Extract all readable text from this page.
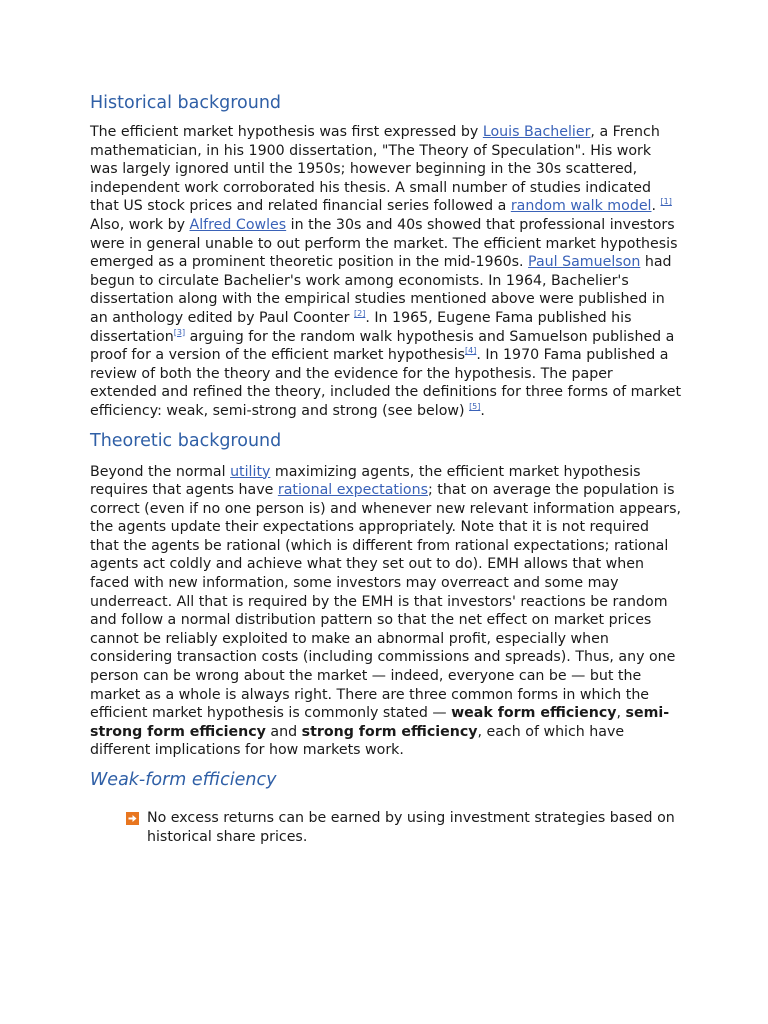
Historical background

The efficient market hypothesis was first expressed by Louis Bachelier, a French mathematician, in his 1900 dissertation, "The Theory of Speculation". His work was largely ignored until the 1950s; however beginning in the 30s scattered, independent work corroborated his thesis. A small number of studies indicated that US stock prices and related financial series followed a random walk model. [1] Also, work by Alfred Cowles in the 30s and 40s showed that professional investors were in general unable to out perform the market. The efficient market hypothesis emerged as a prominent theoretic position in the mid-1960s. Paul Samuelson had begun to circulate Bachelier's work among economists. In 1964, Bachelier's dissertation along with the empirical studies mentioned above were published in an anthology edited by Paul Coonter [2]. In 1965, Eugene Fama published his dissertation[3] arguing for the random walk hypothesis and Samuelson published a proof for a version of the efficient market hypothesis[4]. In 1970 Fama published a review of both the theory and the evidence for the hypothesis. The paper extended and refined the theory, included the definitions for three forms of market efficiency: weak, semi-strong and strong (see below) [5].

Theoretic background

Beyond the normal utility maximizing agents, the efficient market hypothesis requires that agents have rational expectations; that on average the population is correct (even if no one person is) and whenever new relevant information appears, the agents update their expectations appropriately. Note that it is not required that the agents be rational (which is different from rational expectations; rational agents act coldly and achieve what they set out to do). EMH allows that when faced with new information, some investors may overreact and some may underreact. All that is required by the EMH is that investors' reactions be random and follow a normal distribution pattern so that the net effect on market prices cannot be reliably exploited to make an abnormal profit, especially when considering transaction costs (including commissions and spreads). Thus, any one person can be wrong about the market — indeed, everyone can be — but the market as a whole is always right. There are three common forms in which the efficient market hypothesis is commonly stated — weak form efficiency, semi-strong form efficiency and strong form efficiency, each of which have different implications for how markets work.

Weak-form efficiency
No excess returns can be earned by using investment strategies based on historical share prices.
